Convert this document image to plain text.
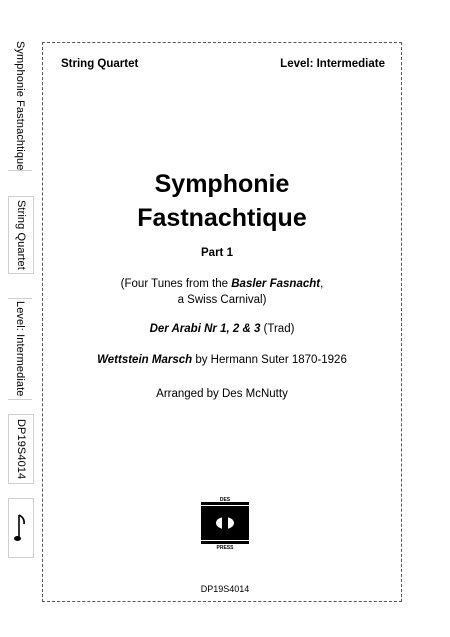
Symphonie Fastnachtique
String Quartet
Level: Intermediate
DP19S4014
String Quartet	Level: Intermediate
Symphonie
Fastnachtique
Part 1
(Four Tunes from the Basler Fasnacht,
a Swiss Carnival)
Der Arabi Nr 1, 2 & 3 (Trad)
Wettstein Marsch by Hermann Suter 1870-1926
Arranged by Des McNutty
DES
PRESS
DP19S4014
